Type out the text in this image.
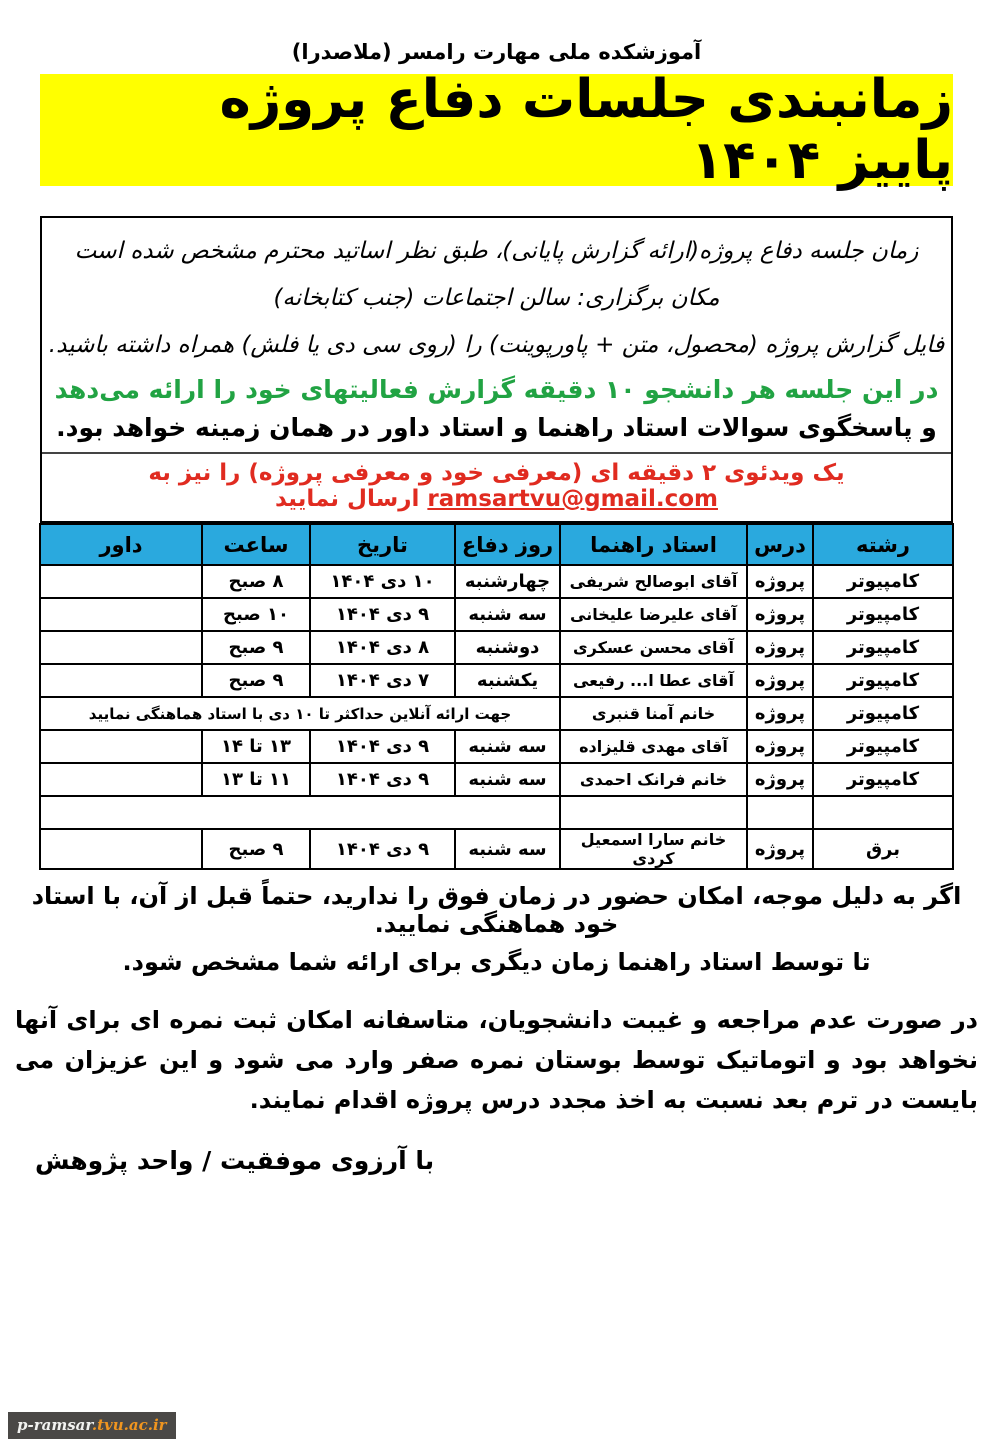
آموزشکده ملی مهارت رامسر (ملاصدرا)
زمانبندی جلسات دفاع پروژه    پاییز ۱۴۰۴
زمان جلسه دفاع پروژه(ارائه گزارش پایانی)، طبق نظر اساتید محترم مشخص شده است
مکان برگزاری: سالن اجتماعات (جنب کتابخانه)
فایل گزارش پروژه (محصول، متن + پاورپوینت) را (روی سی دی یا فلش) همراه داشته باشید.
در این جلسه هر دانشجو ۱۰ دقیقه گزارش فعالیتهای خود را ارائه می‌دهد
و پاسخگوی سوالات استاد راهنما و استاد داور در همان زمینه خواهد بود.
یک ویدئوی ۲ دقیقه ای (معرفی خود و معرفی پروژه) را نیز به ramsartvu@gmail.com ارسال نمایید
رشته	درس	استاد راهنما	روز دفاع	تاریخ	ساعت	داور
کامپیوتر	پروژه	آقای ابوصالح شریفی	چهارشنبه	۱۰ دی ۱۴۰۴	۸ صبح	
کامپیوتر	پروژه	آقای علیرضا علیخانی	سه شنبه	۹ دی ۱۴۰۴	۱۰ صبح	
کامپیوتر	پروژه	آقای محسن عسکری	دوشنبه	۸ دی ۱۴۰۴	۹ صبح	
کامپیوتر	پروژه	آقای عطا ا... رفیعی	یکشنبه	۷ دی ۱۴۰۴	۹ صبح	
کامپیوتر	پروژه	خانم آمنا قنبری	جهت ارائه آنلاین حداکثر تا ۱۰ دی با استاد هماهنگی نمایید			
کامپیوتر	پروژه	آقای مهدی قلیزاده	سه شنبه	۹ دی ۱۴۰۴	۱۳ تا ۱۴	
کامپیوتر	پروژه	خانم فرانک احمدی	سه شنبه	۹ دی ۱۴۰۴	۱۱ تا ۱۳	

برق	پروژه	خانم سارا اسمعیل کردی	سه شنبه	۹ دی ۱۴۰۴	۹ صبح	
اگر به دلیل موجه، امکان حضور در زمان فوق را ندارید، حتماً قبل از آن، با استاد خود هماهنگی نمایید.
تا توسط استاد راهنما زمان دیگری برای ارائه شما مشخص شود.
در صورت عدم مراجعه و غیبت دانشجویان، متاسفانه امکان ثبت نمره ای برای آنها نخواهد بود و اتوماتیک توسط بوستان نمره صفر وارد می شود و این عزیزان می بایست در ترم بعد نسبت به اخذ مجدد درس پروژه اقدام نمایند.
با آرزوی موفقیت / واحد پژوهش
p-ramsar.tvu.ac.ir
